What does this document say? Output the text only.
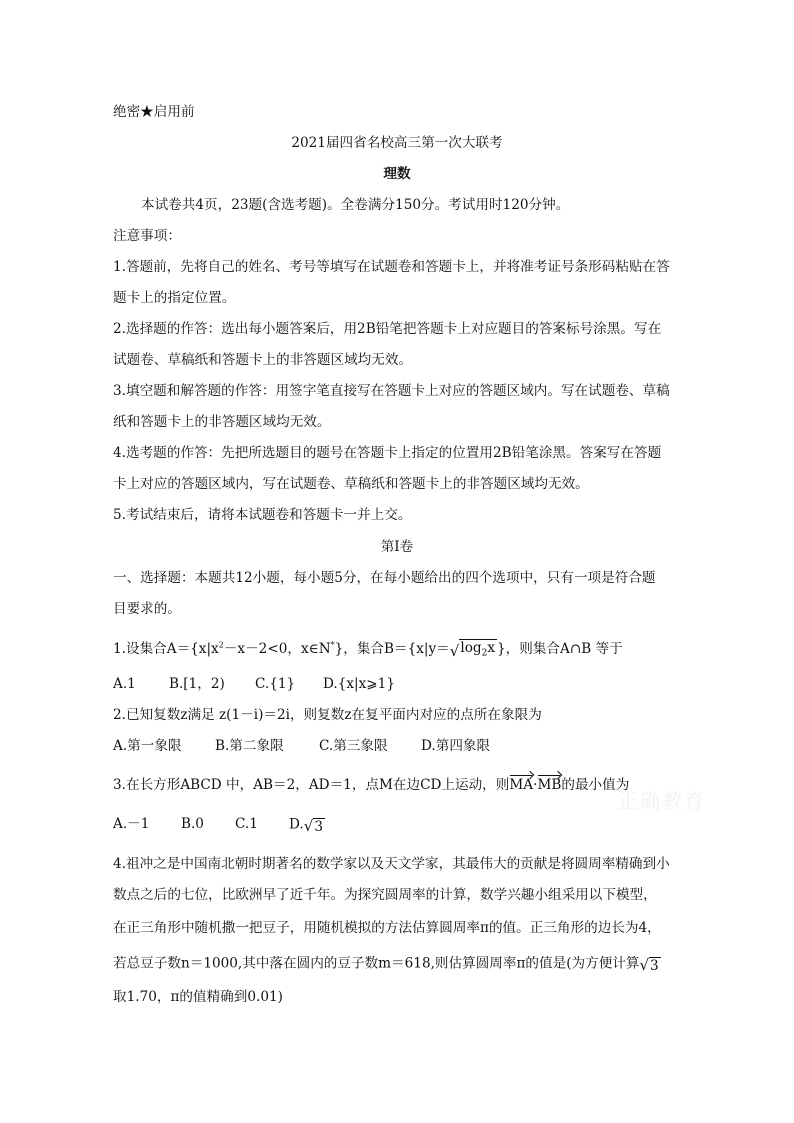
绝密★启用前
2021届四省名校高三第一次大联考
理数
本试卷共4页，23题(含选考题)。全卷满分150分。考试用时120分钟。
注意事项：
1.答题前，先将自己的姓名、考号等填写在试题卷和答题卡上，并将准考证号条形码粘贴在答
题卡上的指定位置。
2.选择题的作答：选出每小题答案后，用2B铅笔把答题卡上对应题目的答案标号涂黑。写在
试题卷、草稿纸和答题卡上的非答题区域均无效。
3.填空题和解答题的作答：用签字笔直接写在答题卡上对应的答题区域内。写在试题卷、草稿
纸和答题卡上的非答题区域均无效。
4.选考题的作答：先把所选题目的题号在答题卡上指定的位置用2B铅笔涂黑。答案写在答题
卡上对应的答题区域内，写在试题卷、草稿纸和答题卡上的非答题区域均无效。
5.考试结束后，请将本试题卷和答题卡一并上交。
第Ⅰ卷
一、选择题：本题共12小题，每小题5分，在每小题给出的四个选项中，只有一项是符合题
目要求的。
1.设集合$A=\{x|x^2-x-2<0$，x∈N*}，集合B＝{x|y＝ √ $\log_2x$ }，则集合A∩B 等于
A.1 B.[1，2) C.{1} D.{x|x⩾1}
2.已知复数z满足 z(1－i)＝2i，则复数z在复平面内对应的点所在象限为
A.第一象限 B.第二象限	C.第三象限 D.第四象限
3.在长方形ABCD 中，AB＝2，AD＝1，点M在边CD上运动，则MA·MB的最小值为
A.－1 B.0 C.1 D. √ 3
4.祖冲之是中国南北朝时期著名的数学家以及天文学家，其最伟大的贡献是将圆周率精确到小
数点之后的七位，比欧洲早了近千年。为探究圆周率的计算，数学兴趣小组采用以下模型，
在正三角形中随机撒一把豆子，用随机模拟的方法估算圆周率π的值。正三角形的边长为4，
若总豆子数n＝1000,其中落在圆内的豆子数m＝618,则估算圆周率π的值是(为方便计算 √ 3
取1.70，π的值精确到0.01)
正确教育
